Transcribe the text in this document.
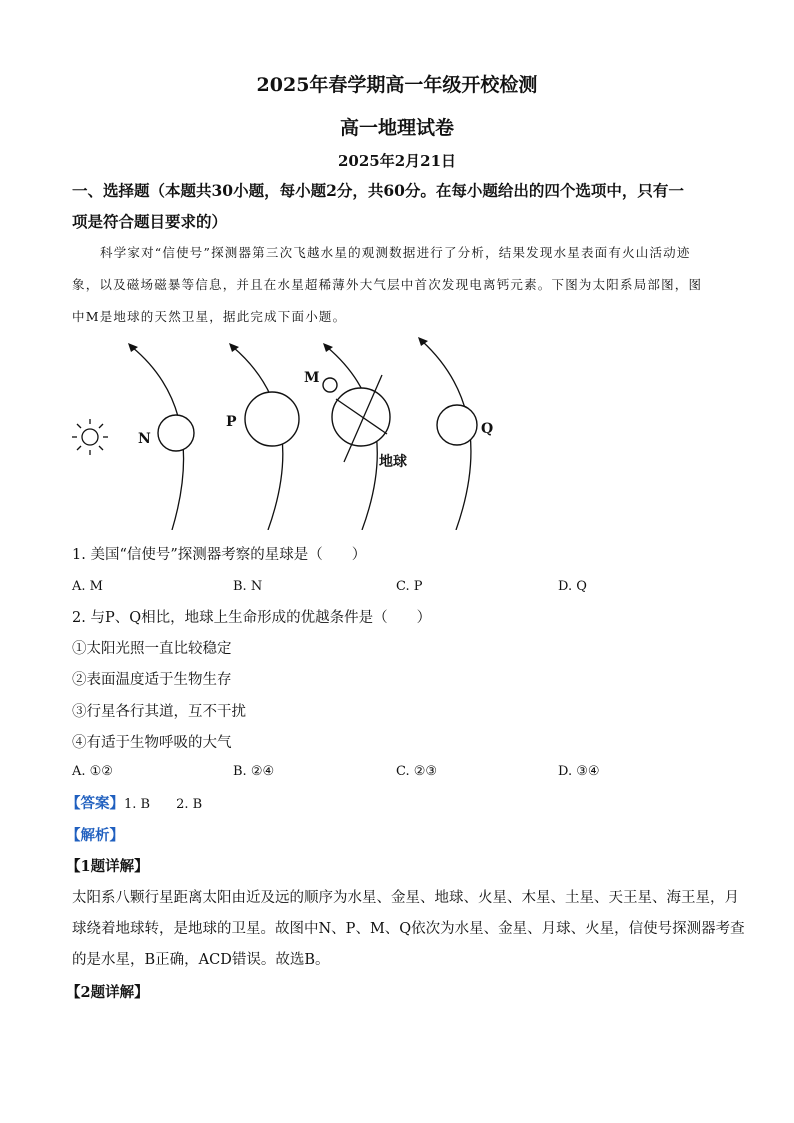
2025年春学期高一年级开校检测
高一地理试卷
2025年2月21日
一、选择题（本题共30小题，每小题2分，共60分。在每小题给出的四个选项中，只有一
项是符合题目要求的）
科学家对“信使号”探测器第三次飞越水星的观测数据进行了分析，结果发现水星表面有火山活动迹
象，以及磁场磁暴等信息，并且在水星超稀薄外大气层中首次发现电离钙元素。下图为太阳系局部图，图
中M是地球的天然卫星，据此完成下面小题。
N
P
M
Q
地球
1. 美国“信使号”探测器考察的星球是（　　）
A. M	B. N	C. P	D. Q
2. 与P、Q相比，地球上生命形成的优越条件是（　　）
①太阳光照一直比较稳定
②表面温度适于生物生存
③行星各行其道，互不干扰
④有适于生物呼吸的大气
A. ①②	B. ②④	C. ②③	D. ③④
【答案】1. B　　2. B
【解析】
【1题详解】
太阳系八颗行星距离太阳由近及远的顺序为水星、金星、地球、火星、木星、土星、天王星、海王星，月
球绕着地球转，是地球的卫星。故图中N、P、M、Q依次为水星、金星、月球、火星，信使号探测器考查
的是水星，B正确，ACD错误。故选B。
【2题详解】
